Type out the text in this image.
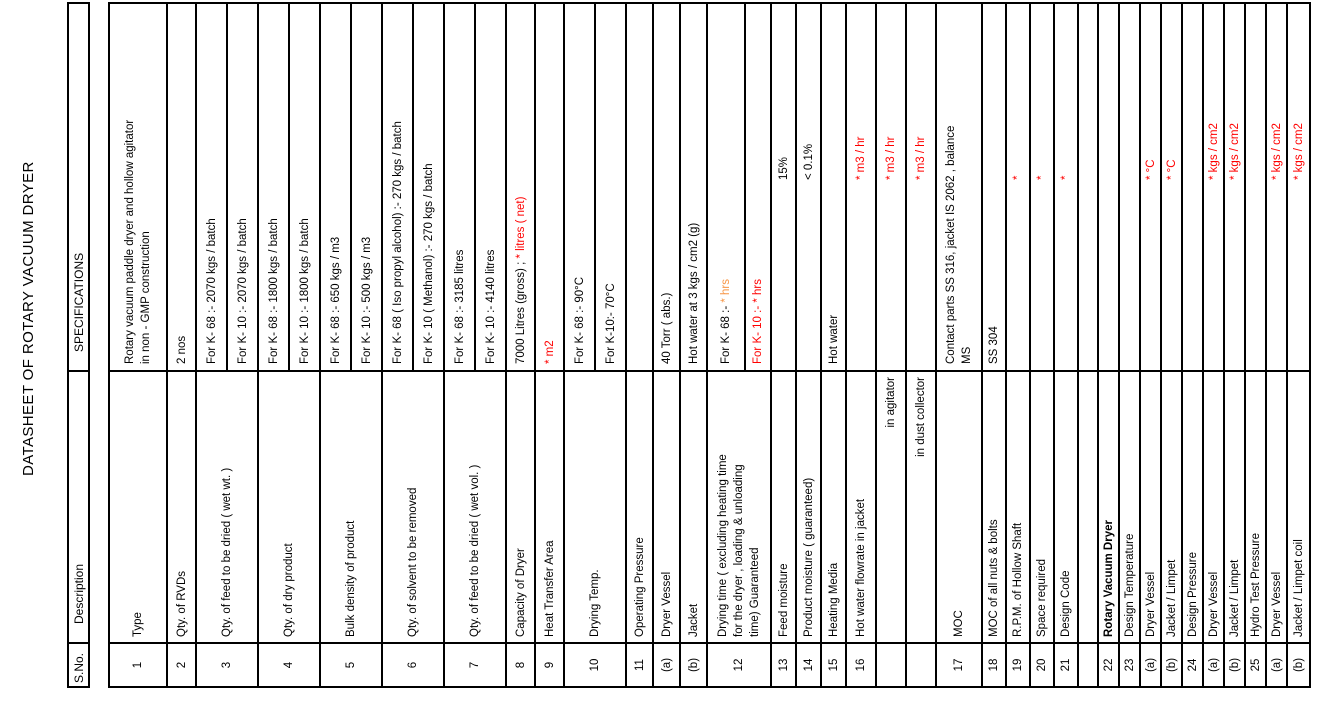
DATASHEET OF ROTARY VACUUM DRYER
S.No.
Description
SPECIFICATIONS
1
Type
Rotary vacuum paddle dryer and hollow agitator in non - GMP construction
2
Qty. of RVDs
2 nos
3
Qty. of feed to be dried ( wet wt. )
For K- 68 :- 2070 kgs / batch For K- 10 :- 2070 kgs / batch
4
Qty. of dry product
For K- 68 :- 1800 kgs / batch For K- 10 :- 1800 kgs / batch
5
Bulk density of product
For K- 68 :- 650 kgs / m3 For K- 10 :- 500 kgs / m3
6
Qty. of solvent to be removed
For K- 68 ( Iso propyl alcohol) :- 270 kgs / batch For K- 10 ( Methanol) :- 270 kgs / batch
7
Qty. of feed to be dried ( wet vol. )
For K- 68 :- 3185 litres For K- 10 :- 4140 litres
8
Capacity of Dryer
7000 Litres (gross) ; * litres ( net)
9
Heat Transfer Area
* m2
10
Drying Temp.
For K- 68 :- 90°C For K-10:- 70°C
11
Operating Pressure
(a)
Dryer Vessel
40 Torr ( abs.)
(b)
Jacket
Hot water at 3 kgs / cm2 (g)
12
Drying time ( excluding heating time for the dryer , loading & unloading time) Guaranteed
For K- 68 :- * hrs For K- 10 :- * hrs
13
Feed moisture
15%
14
Product moisture ( guaranteed)
< 0.1%
15
Heating Media
Hot water
16
Hot water flowrate in jacket
* m3 / hr
in agitator
* m3 / hr
in dust collector
* m3 / hr
17
MOC
Contact parts SS 316, jacket IS 2062 , balance MS
18
MOC of all nuts & bolts
SS 304
19
R.P.M. of Hollow Shaft
*
20
Space required
*
21
Design Code
*
22
Rotary Vacuum Dryer
23
Design Temperature
(a)
Dryer Vessel
* °C
(b)
Jacket / Limpet
* °C
24
Design Pressure
(a)
Dryer Vessel
* kgs / cm2
(b)
Jacket / Limpet
* kgs / cm2
25
Hydro Test Pressure
(a)
Dryer Vessel
* kgs / cm2
(b)
Jacket / Limpet coil
* kgs / cm2
